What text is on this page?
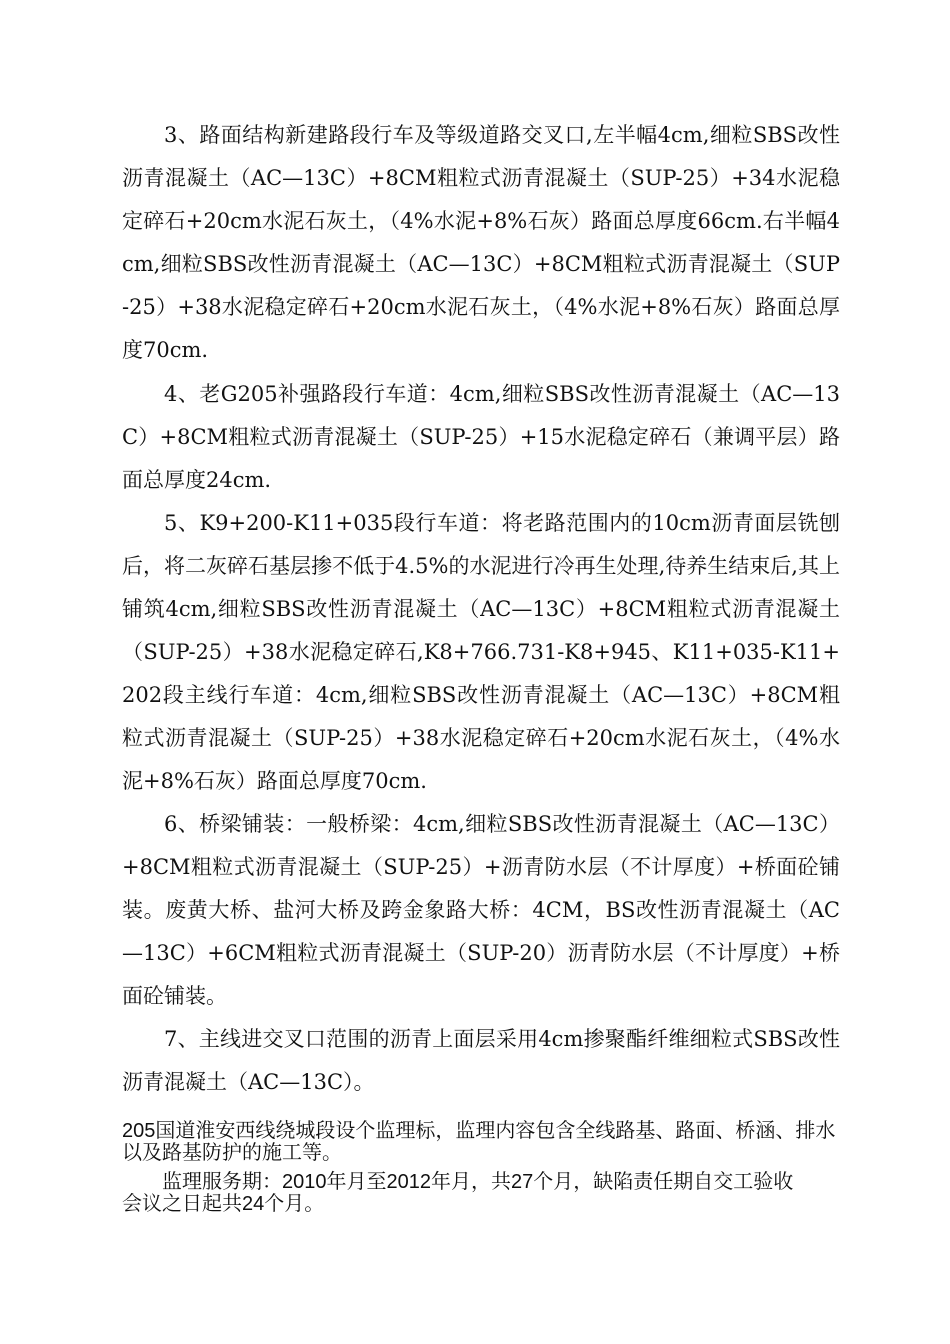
3、路面结构新建路段行车及等级道路交叉口,左半幅4cm,细粒SBS改性沥青混凝土（AC—13C）+8CM粗粒式沥青混凝土（SUP-25）+34水泥稳定碎石+20cm水泥石灰土，（4%水泥+8%石灰）路面总厚度66cm.右半幅4cm,细粒SBS改性沥青混凝土（AC—13C）+8CM粗粒式沥青混凝土（SUP-25）+38水泥稳定碎石+20cm水泥石灰土，（4%水泥+8%石灰）路面总厚度70cm.

4、老G205补强路段行车道：4cm,细粒SBS改性沥青混凝土（AC—13C）+8CM粗粒式沥青混凝土（SUP-25）+15水泥稳定碎石（兼调平层）路面总厚度24cm.

5、K9+200-K11+035段行车道：将老路范围内的10cm沥青面层铣刨后，将二灰碎石基层掺不低于4.5%的水泥进行冷再生处理,待养生结束后,其上铺筑4cm,细粒SBS改性沥青混凝土（AC—13C）+8CM粗粒式沥青混凝土（SUP-25）+38水泥稳定碎石,K8+766.731-K8+945、K11+035-K11+202段主线行车道：4cm,细粒SBS改性沥青混凝土（AC—13C）+8CM粗粒式沥青混凝土（SUP-25）+38水泥稳定碎石+20cm水泥石灰土，（4%水泥+8%石灰）路面总厚度70cm.

6、桥梁铺装：一般桥梁：4cm,细粒SBS改性沥青混凝土（AC—13C）+8CM粗粒式沥青混凝土（SUP-25）+沥青防水层（不计厚度）+桥面砼铺装。废黄大桥、盐河大桥及跨金象路大桥：4CM，BS改性沥青混凝土（AC—13C）+6CM粗粒式沥青混凝土（SUP-20）沥青防水层（不计厚度）+桥面砼铺装。

7、主线进交叉口范围的沥青上面层采用4cm掺聚酯纤维细粒式SBS改性沥青混凝土（AC—13C）。

205国道淮安西线绕城段设个监理标，监理内容包含全线路基、路面、桥涵、排水以及路基防护的施工等。

监理服务期：2010年月至2012年月，共27个月，缺陷责任期自交工验收会议之日起共24个月。
